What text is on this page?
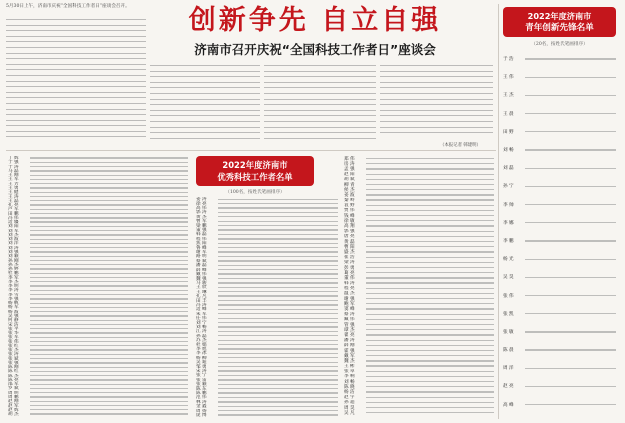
5月30日上午，济南市庆祝“全国科技工作者日”座谈会召开。	创新争先 自立自强
济南市召开庆祝“全国科技工作者日”座谈会
（本报记者 韩建明）
2022年度济南市
青年创新先锋名单
（20名，按姓氏笔画排序）
于 浩
王 伟
王 杰
王 晨
田 野
刘 畅
刘 磊
孙 宁
李 帅
李 娜
李 鹏
杨 光
吴 昊
张 伟
张 凯
张 敏
陈 晨
周 洋
赵 亮
高 峰
2022年度济南市
优秀科技工作者名单
（100名，按姓氏笔画排序）
丁 辉
于 强
于 涛
马 磊
王 刚
王 军
王 芳
王 勇
王 健
王 涛
王 磊
孔 亮
卢 军
田 鹏
冯 伟
边 疆
刘 阳
刘 军
刘 杰
刘 波
刘 洋
刘 涛
刘 强
刘 颖
孙 刚
孙 杰
孙 婷
杜 鹏
李 军
李 杰
李 明
李 涛
李 雪
李 强
杨 帆
杨 军
杨 波
吴 强
何 静
宋 洁
张 平
张 华
张 军
张 伟
张 红
张 杰
张 涛
张 斌
张 强
陈 刚
陈 红
陈 杰
陈 亮
邵 军
罗 斌
周 明
周 鹏
赵 刚
赵 军
赵 辉
胡 杰
姜 涛
徐 亮
高 伟
郭 涛
黄 杰
曹 军
梁 鹏
董 强
韩 磊
程 伟
焦 阳
鲁 峰
谢 军
路 明
蔡 斌
潘 磊
薛 峰
戴 伟
魏 强
马 骏
王 欣
王 琳
孔 凡
田 丰
冯 涛
边 峰
朱 军
任 伟
刘 宁
刘 畅
江 涛
孙 磊
苏 杰
杜 娟
李 旭
李 冰
杨 柳
吴 迪
邹 勇
宋 涛
张 宁
张 雷
张 颖
陈 东
陈 鹏
范 伟
林 涛
金 鑫
周 扬
庞 博
郑 伟
房 涛
孟 强
赵 阳
胡 斌
柳 青
侯 杰
姜 波
秦 岭
袁 野
贾 伟
钱 峰
徐 敏
高 翔
郭 强
唐 亮
黄 磊
曹 阳
盛 杰
崔 浩
梁 涛
彭 勇
葛 亮
董 伟
韩 涛
程 亮
温 杰
谢 强
鲍 军
窦 峰
蔡 涛
臧 伟
管 强
谭 杰
翟 亮
潘 涛
薛 刚
霍 强
戴 军
魏 杰
王 彬
张 卓
李 响
刘 畅
陈 晓
杨 洁
赵 宇
孙 超
周 昊
吴 凡
